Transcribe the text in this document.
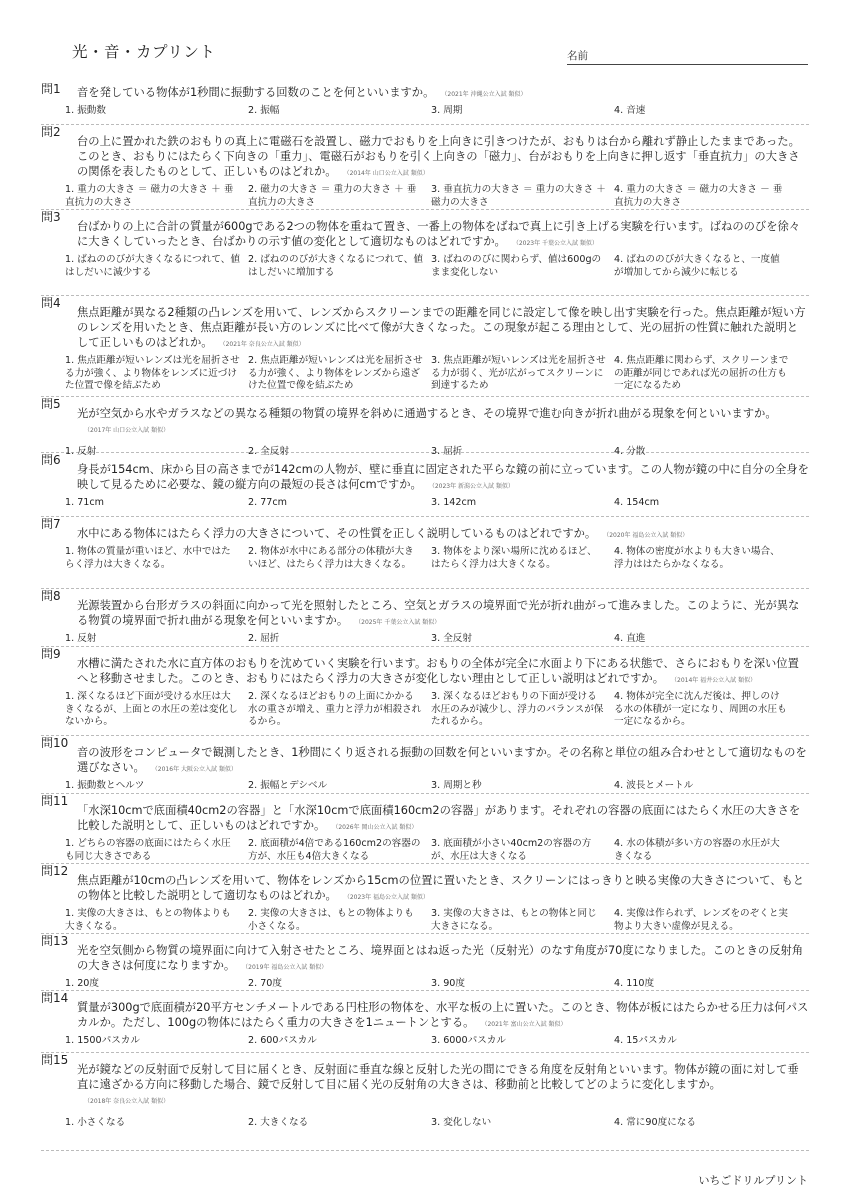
光・音・カプリント	名前
問1 音を発している物体が1秒間に振動する回数のことを何といいますか。 （2021年 沖縄公立入試 類似）
1. 振動数	2. 振幅	3. 周期	4. 音速
問2
台の上に置かれた鉄のおもりの真上に電磁石を設置し、磁力でおもりを上向きに引きつけたが、おもりは台から離れず静止したままであった。このとき、おもりにはたらく下向きの「重力」、電磁石がおもりを引く上向きの「磁力」、台がおもりを上向きに押し返す「垂直抗力」の大きさの関係を表したものとして、正しいものはどれか。 （2014年 山口公立入試 類似）
1. 重力の大きさ ＝ 磁力の大きさ ＋ 垂直抗力の大きさ
2. 磁力の大きさ ＝ 重力の大きさ ＋ 垂直抗力の大きさ
3. 垂直抗力の大きさ ＝ 重力の大きさ ＋ 磁力の大きさ
4. 重力の大きさ ＝ 磁力の大きさ － 垂直抗力の大きさ
問3
台ばかりの上に合計の質量が600gである2つの物体を重ねて置き、一番上の物体をばねで真上に引き上げる実験を行います。ばねののびを徐々に大きくしていったとき、台ばかりの示す値の変化として適切なものはどれですか。 （2023年 千葉公立入試 類似）
1. ばねののびが大きくなるにつれて、値はしだいに減少する
2. ばねののびが大きくなるにつれて、値はしだいに増加する
3. ばねののびに関わらず、値は600gのまま変化しない
4. ばねののびが大きくなると、一度値が増加してから減少に転じる
問4
焦点距離が異なる2種類の凸レンズを用いて、レンズからスクリーンまでの距離を同じに設定して像を映し出す実験を行った。焦点距離が短い方のレンズを用いたとき、焦点距離が長い方のレンズに比べて像が大きくなった。この現象が起こる理由として、光の屈折の性質に触れた説明として正しいものはどれか。 （2021年 奈良公立入試 類似）
1. 焦点距離が短いレンズは光を屈折させる力が強く、より物体をレンズに近づけた位置で像を結ぶため
2. 焦点距離が短いレンズは光を屈折させる力が強く、より物体をレンズから遠ざけた位置で像を結ぶため
3. 焦点距離が短いレンズは光を屈折させる力が弱く、光が広がってスクリーンに到達するため
4. 焦点距離に関わらず、スクリーンまでの距離が同じであれば光の屈折の仕方も一定になるため
問5
光が空気から水やガラスなどの異なる種類の物質の境界を斜めに通過するとき、その境界で進む向きが折れ曲がる現象を何といいますか。（2017年 山口公立入試 類似）
1. 反射	2. 全反射	3. 屈折	4. 分散
問6
身長が154cm、床から目の高さまでが142cmの人物が、壁に垂直に固定された平らな鏡の前に立っています。この人物が鏡の中に自分の全身を映して見るために必要な、鏡の縦方向の最短の長さは何cmですか。 （2023年 新潟公立入試 類似）
1. 71cm	2. 77cm	3. 142cm	4. 154cm
問7
水中にある物体にはたらく浮力の大きさについて、その性質を正しく説明しているものはどれですか。 （2020年 福島公立入試 類似）
1. 物体の質量が重いほど、水中ではたらく浮力は大きくなる。
2. 物体が水中にある部分の体積が大きいほど、はたらく浮力は大きくなる。
3. 物体をより深い場所に沈めるほど、はたらく浮力は大きくなる。
4. 物体の密度が水よりも大きい場合、浮力ははたらかなくなる。
問8
光源装置から台形ガラスの斜面に向かって光を照射したところ、空気とガラスの境界面で光が折れ曲がって進みました。このように、光が異なる物質の境界面で折れ曲がる現象を何といいますか。 （2025年 千葉公立入試 類似）
1. 反射	2. 屈折	3. 全反射	4. 直進
問9
水槽に満たされた水に直方体のおもりを沈めていく実験を行います。おもりの全体が完全に水面より下にある状態で、さらにおもりを深い位置へと移動させました。このとき、おもりにはたらく浮力の大きさが変化しない理由として正しい説明はどれですか。 （2014年 福井公立入試 類似）
1. 深くなるほど下面が受ける水圧は大きくなるが、上面との水圧の差は変化しないから。
2. 深くなるほどおもりの上面にかかる水の重さが増え、重力と浮力が相殺されるから。
3. 深くなるほどおもりの下面が受ける水圧のみが減少し、浮力のバランスが保たれるから。
4. 物体が完全に沈んだ後は、押しのけ る水の体積が一定になり、周囲の水圧も一定になるから。
問10
音の波形をコンピュータで観測したとき、1秒間にくり返される振動の回数を何といいますか。その名称と単位の組み合わせとして適切なものを選びなさい。 （2016年 大阪公立入試 類似）
1. 振動数とヘルツ	2. 振幅とデシベル	3. 周期と秒	4. 波長とメートル
問11
「水深10cmで底面積40cm2の容器」と「水深10cmで底面積160cm2の容器」があります。それぞれの容器の底面にはたらく水圧の大きさを比較した説明として、正しいものはどれですか。 （2026年 岡山公立入試 類似）
1. どちらの容器の底面にはたらく水圧も同じ大きさである
2. 底面積が4倍である160cm2の容器の方が、水圧も4倍大きくなる
3. 底面積が小さい40cm2の容器の方が、水圧は大きくなる
4. 水の体積が多い方の容器の水圧が大きくなる
問12
焦点距離が10cmの凸レンズを用いて、物体をレンズから15cmの位置に置いたとき、スクリーンにはっきりと映る実像の大きさについて、もとの物体と比較した説明として適切なものはどれか。 （2023年 福島公立入試 類似）
1. 実像の大きさは、もとの物体よりも大きくなる。
2. 実像の大きさは、もとの物体よりも小さくなる。
3. 実像の大きさは、もとの物体と同じ大きさになる。
4. 実像は作られず、レンズをのぞくと実物より大きい虚像が見える。
問13
光を空気側から物質の境界面に向けて入射させたところ、境界面とはね返った光（反射光）のなす角度が70度になりました。このときの反射角の大きさは何度になりますか。 （2019年 福島公立入試 類似）
1. 20度	2. 70度	3. 90度	4. 110度
問14
質量が300gで底面積が20平方センチメートルである円柱形の物体を、水平な板の上に置いた。このとき、物体が板にはたらかせる圧力は何パスカルか。ただし、100gの物体にはたらく重力の大きさを1ニュートンとする。 （2021年 富山公立入試 類似）
1. 1500パスカル	2. 600パスカル	3. 6000パスカル	4. 15パスカル
問15
光が鏡などの反射面で反射して目に届くとき、反射面に垂直な線と反射した光の間にできる角度を反射角といいます。物体が鏡の面に対して垂直に遠ざかる方向に移動した場合、鏡で反射して目に届く光の反射角の大きさは、移動前と比較してどのように変化しますか。（2018年 奈良公立入試 類似）
1. 小さくなる	2. 大きくなる	3. 変化しない	4. 常に90度になる
いちごドリルプリント
